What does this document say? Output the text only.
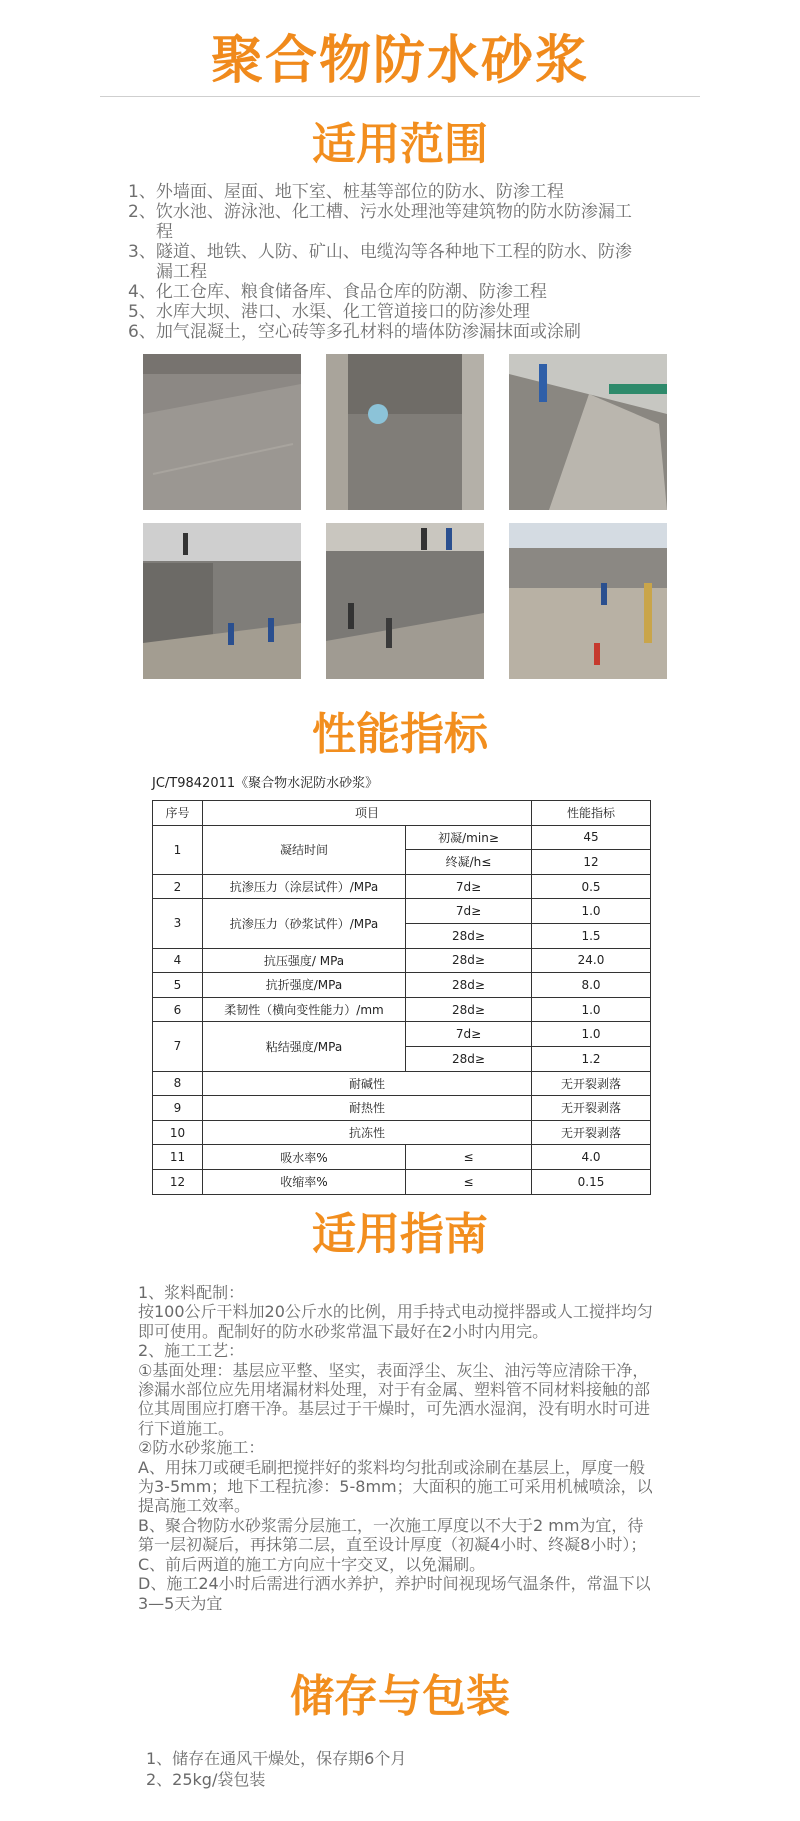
聚合物防水砂浆
适用范围
1、外墙面、屋面、地下室、桩基等部位的防水、防渗工程
2、饮水池、游泳池、化工槽、污水处理池等建筑物的防水防渗漏工程
3、隧道、地铁、人防、矿山、电缆沟等各种地下工程的防水、防渗漏工程
4、化工仓库、粮食储备库、食品仓库的防潮、防渗工程
5、水库大坝、港口、水渠、化工管道接口的防渗处理
6、加气混凝土，空心砖等多孔材料的墙体防渗漏抹面或涂刷
性能指标
JC/T9842011《聚合物水泥防水砂浆》
序号	项目		性能指标
1	凝结时间	初凝/min≥	45
		终凝/h≤	12
2	抗渗压力（涂层试件）/MPa	7d≥	0.5
3	抗渗压力（砂浆试件）/MPa	7d≥	1.0
		28d≥	1.5
4	抗压强度/ MPa	28d≥	24.0
5	抗折强度/MPa	28d≥	8.0
6	柔韧性（横向变性能力）/mm	28d≥	1.0
7	粘结强度/MPa	7d≥	1.0
		28d≥	1.2
8	耐碱性		无开裂剥落
9	耐热性		无开裂剥落
10	抗冻性		无开裂剥落
11	吸水率%	≤	4.0
12	收缩率%	≤	0.15
适用指南

1、浆料配制：

按100公斤干料加20公斤水的比例，用手持式电动搅拌器或人工搅拌均匀即可使用。配制好的防水砂浆常温下最好在2小时内用完。

2、施工工艺：

①基面处理：基层应平整、坚实，表面浮尘、灰尘、油污等应清除干净，渗漏水部位应先用堵漏材料处理，对于有金属、塑料管不同材料接触的部位其周围应打磨干净。基层过于干燥时，可先洒水湿润，没有明水时可进行下道施工。

②防水砂浆施工：

A、用抹刀或硬毛刷把搅拌好的浆料均匀批刮或涂刷在基层上，厚度一般为3-5mm；地下工程抗渗：5-8mm；大面积的施工可采用机械喷涂，以提高施工效率。

B、聚合物防水砂浆需分层施工，一次施工厚度以不大于2 mm为宜，待第一层初凝后，再抹第二层，直至设计厚度（初凝4小时、终凝8小时）；

C、前后两道的施工方向应十字交叉，以免漏刷。

D、施工24小时后需进行洒水养护，养护时间视现场气温条件，常温下以3—5天为宜

储存与包装
1、储存在通风干燥处，保存期6个月
2、25kg/袋包装
